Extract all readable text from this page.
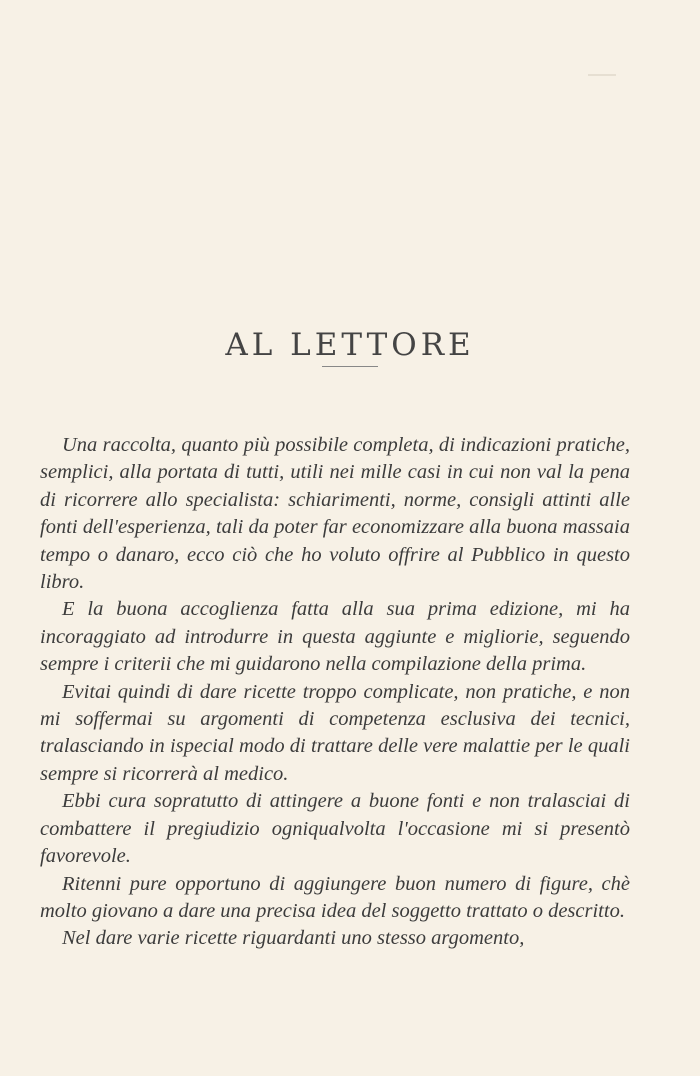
AL LETTORE

Una raccolta, quanto più possibile completa, di indicazioni pratiche, semplici, alla portata di tutti, utili nei mille casi in cui non val la pena di ricorrere allo specialista: schiarimenti, norme, consigli attinti alle fonti dell'esperienza, tali da poter far economizzare alla buona massaia tempo o danaro, ecco ciò che ho voluto offrire al Pubblico in questo libro.

E la buona accoglienza fatta alla sua prima edizione, mi ha incoraggiato ad introdurre in questa aggiunte e migliorie, seguendo sempre i criterii che mi guidarono nella compilazione della prima.

Evitai quindi di dare ricette troppo complicate, non pratiche, e non mi soffermai su argomenti di competenza esclusiva dei tecnici, tralasciando in ispecial modo di trattare delle vere malattie per le quali sempre si ricorrerà al medico.

Ebbi cura sopratutto di attingere a buone fonti e non tralasciai di combattere il pregiudizio ogniqualvolta l'occasione mi si presentò favorevole.

Ritenni pure opportuno di aggiungere buon numero di figure, chè molto giovano a dare una precisa idea del soggetto trattato o descritto.

Nel dare varie ricette riguardanti uno stesso argomento,
